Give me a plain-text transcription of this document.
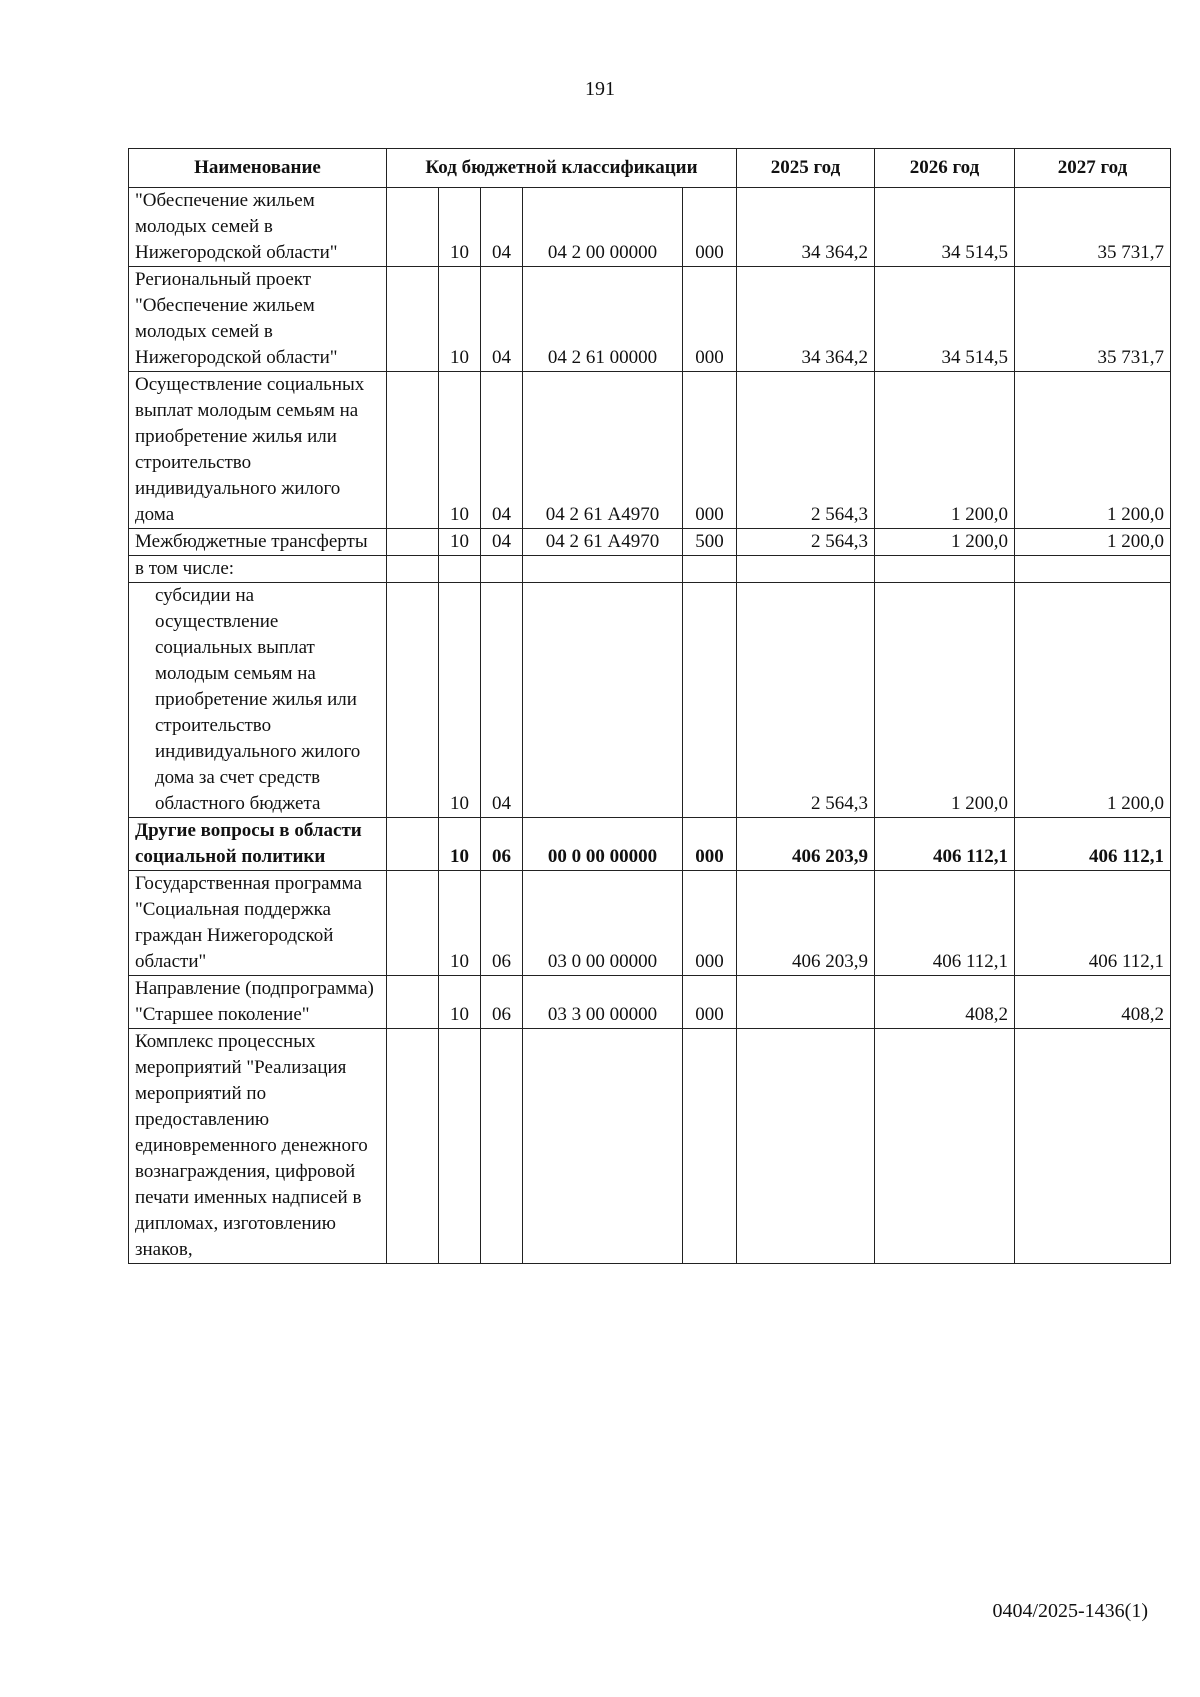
191
Наименование	Код бюджетной классификации					2025 год	2026 год	2027 год
"Обеспечение жильем молодых семей в Нижегородской области"		10	04	04 2 00 00000	000	34 364,2	34 514,5	35 731,7
Региональный проект "Обеспечение жильем молодых семей в Нижегородской области"		10	04	04 2 61 00000	000	34 364,2	34 514,5	35 731,7
Осуществление социальных выплат молодым семьям на приобретение жилья или строительство индивидуального жилого дома		10	04	04 2 61 А4970	000	2 564,3	1 200,0	1 200,0
Межбюджетные трансферты		10	04	04 2 61 А4970	500	2 564,3	1 200,0	1 200,0
в том числе:								
субсидии на осуществление социальных выплат молодым семьям на приобретение жилья или строительство индивидуального жилого дома за счет средств областного бюджета		10	04			2 564,3	1 200,0	1 200,0
Другие вопросы в области социальной политики		10	06	00 0 00 00000	000	406 203,9	406 112,1	406 112,1
Государственная программа "Социальная поддержка граждан Нижегородской области"		10	06	03 0 00 00000	000	406 203,9	406 112,1	406 112,1
Направление (подпрограмма) "Старшее поколение"		10	06	03 3 00 00000	000		408,2	408,2
Комплекс процессных мероприятий "Реализация мероприятий по предоставлению единовременного денежного вознаграждения, цифровой печати именных надписей в дипломах, изготовлению знаков,								
0404/2025-1436(1)
